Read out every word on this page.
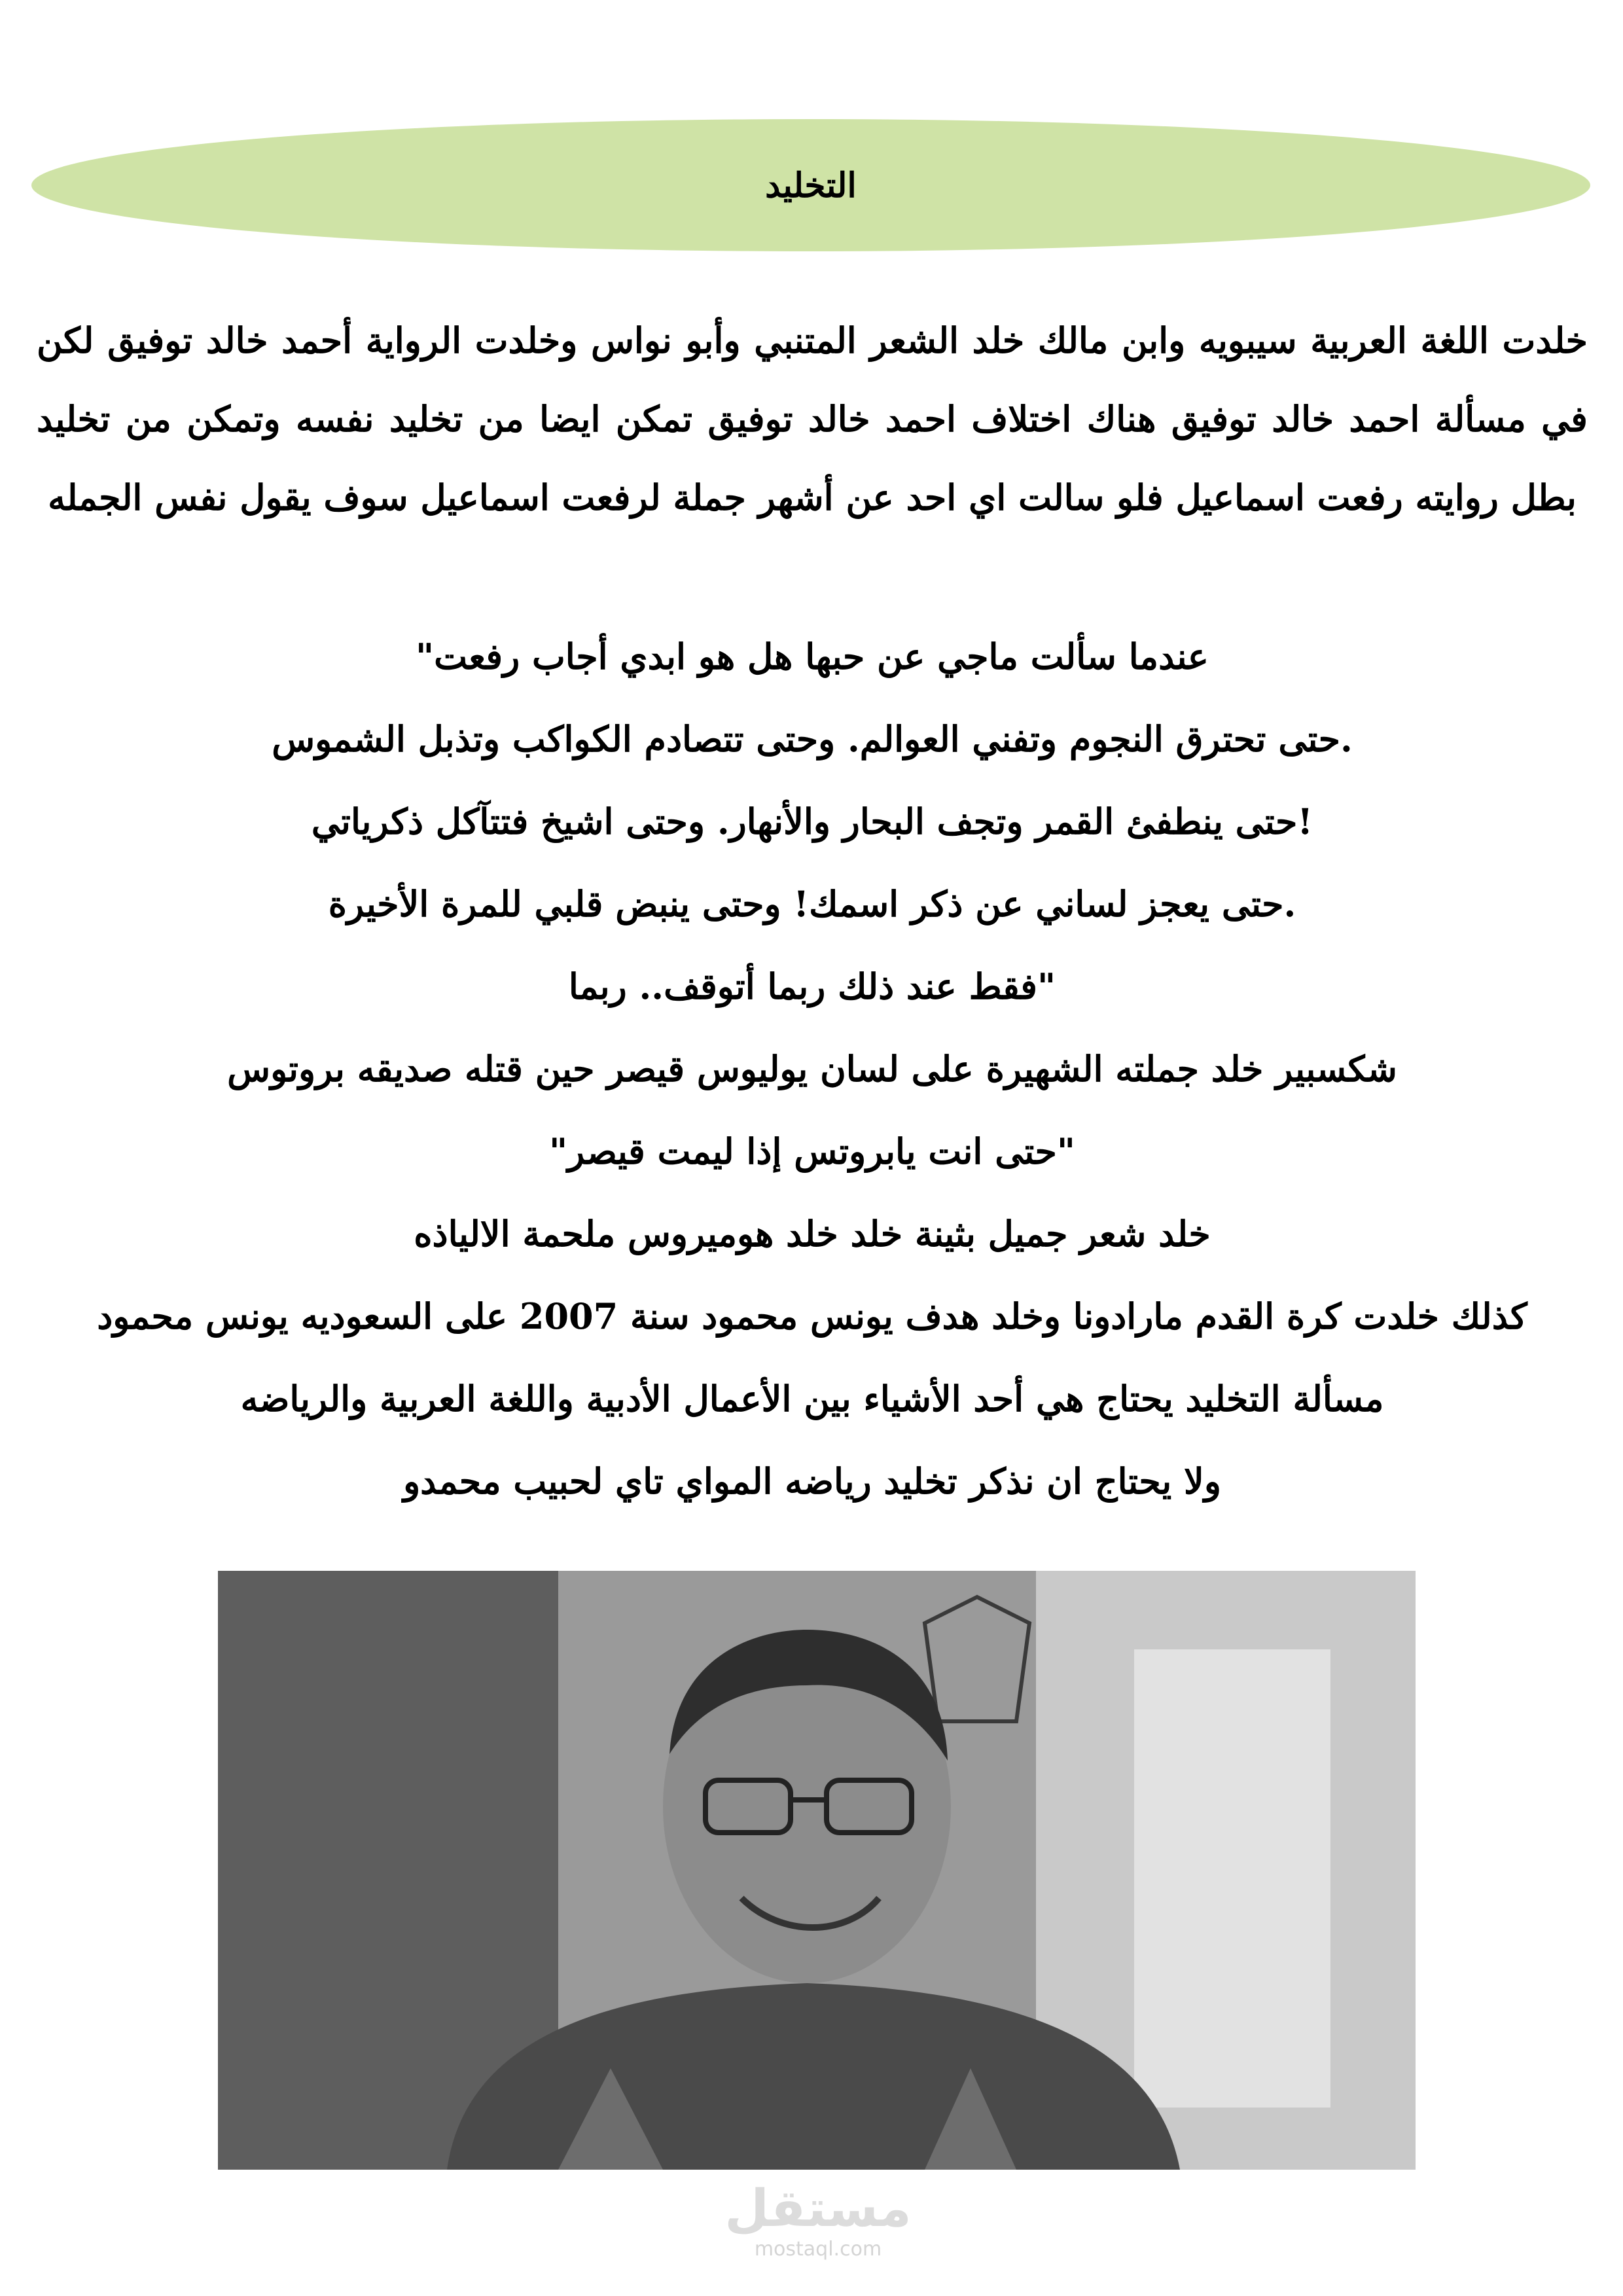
التخليد

خلدت اللغة العربية سيبويه وابن مالك خلد الشعر المتنبي وأبو نواس وخلدت الرواية أحمد خالد توفيق لكن في مسألة احمد خالد توفيق هناك اختلاف احمد خالد توفيق تمكن ايضا من تخليد نفسه وتمكن من تخليد بطل روايته رفعت اسماعيل فلو سالت اي احد عن أشهر جملة لرفعت اسماعيل سوف يقول نفس الجمله

عندما سألت ماجي عن حبها هل هو ابدي أجاب رفعت"
.حتى تحترق النجوم وتفني العوالم. وحتى تتصادم الكواكب وتذبل الشموس
!حتى ينطفئ القمر وتجف البحار والأنهار. وحتى اشيخ فتتآكل ذكرياتي
.حتى يعجز لساني عن ذكر اسمك! وحتى ينبض قلبي للمرة الأخيرة
"فقط عند ذلك ربما أتوقف.. ربما
شكسبير خلد جملته الشهيرة على لسان يوليوس قيصر حين قتله صديقه بروتوس
"حتى انت يابروتس إذا ليمت قيصر"
خلد شعر جميل بثينة خلد خلد هوميروس ملحمة الالياذه
كذلك خلدت كرة القدم مارادونا وخلد هدف يونس محمود سنة 2007 على السعوديه يونس محمود
مسألة التخليد يحتاج هي أحد الأشياء بين الأعمال الأدبية واللغة العربية والرياضه
ولا يحتاج ان نذكر تخليد رياضه المواي تاي لحبيب محمدو
مستقل
mostaql.com
